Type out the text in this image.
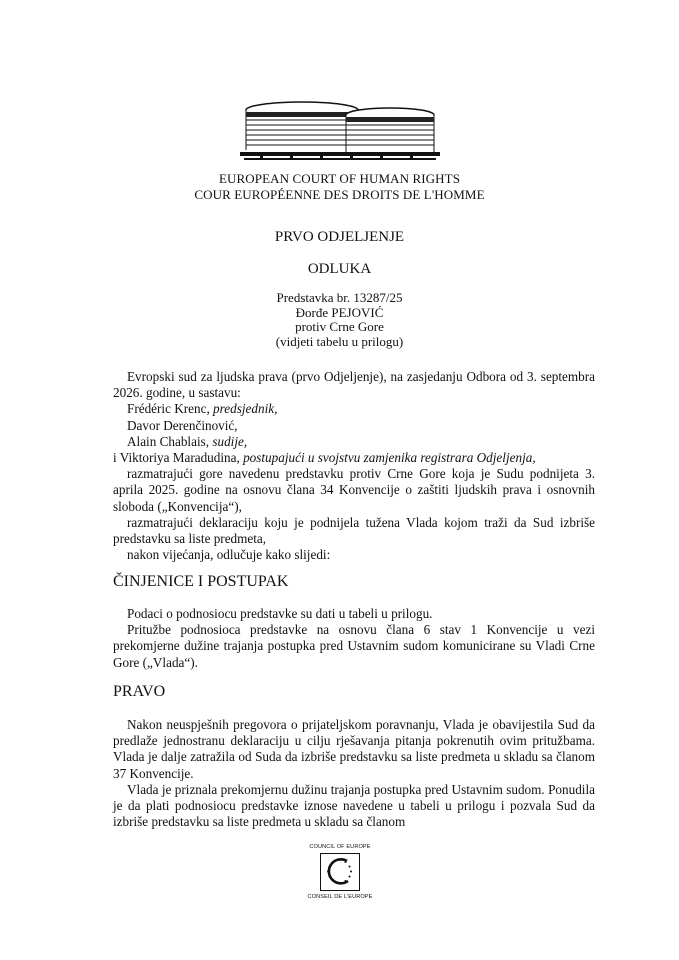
EUROPEAN COURT OF HUMAN RIGHTS
COUR EUROPÉENNE DES DROITS DE L'HOMME
PRVO ODJELJENJE
ODLUKA
Predstavka br. 13287/25
Đorđe PEJOVIĆ
protiv Crne Gore
(vidjeti tabelu u prilogu)

Evropski sud za ljudska prava (prvo Odjeljenje), na zasjedanju Odbora od 3. septembra 2026. godine, u sastavu:

Frédéric Krenc, predsjednik,

Davor Derenčinović,

Alain Chablais, sudije,

i Viktoriya Maradudina, postupajući u svojstvu zamjenika registrara Odjeljenja,

razmatrajući gore navedenu predstavku protiv Crne Gore koja je Sudu podnijeta 3. aprila 2025. godine na osnovu člana 34 Konvencije o zaštiti ljudskih prava i osnovnih sloboda („Konvencija“),

razmatrajući deklaraciju koju je podnijela tužena Vlada kojom traži da Sud izbriše predstavku sa liste predmeta,

nakon vijećanja, odlučuje kako slijedi:

ČINJENICE I POSTUPAK

Podaci o podnosiocu predstavke su dati u tabeli u prilogu.

Pritužbe podnosioca predstavke na osnovu člana 6 stav 1 Konvencije u vezi prekomjerne dužine trajanja postupka pred Ustavnim sudom komunicirane su Vladi Crne Gore („Vlada“).

PRAVO

Nakon neuspješnih pregovora o prijateljskom poravnanju, Vlada je obavijestila Sud da predlaže jednostranu deklaraciju u cilju rješavanja pitanja pokrenutih ovim pritužbama. Vlada je dalje zatražila od Suda da izbriše predstavku sa liste predmeta u skladu sa članom 37 Konvencije.

Vlada je priznala prekomjernu dužinu trajanja postupka pred Ustavnim sudom. Ponudila je da plati podnosiocu predstavke iznose navedene u tabeli u prilogu i pozvala Sud da izbriše predstavku sa liste predmeta u skladu sa članom

COUNCIL OF EUROPE
CONSEIL DE L'EUROPE
